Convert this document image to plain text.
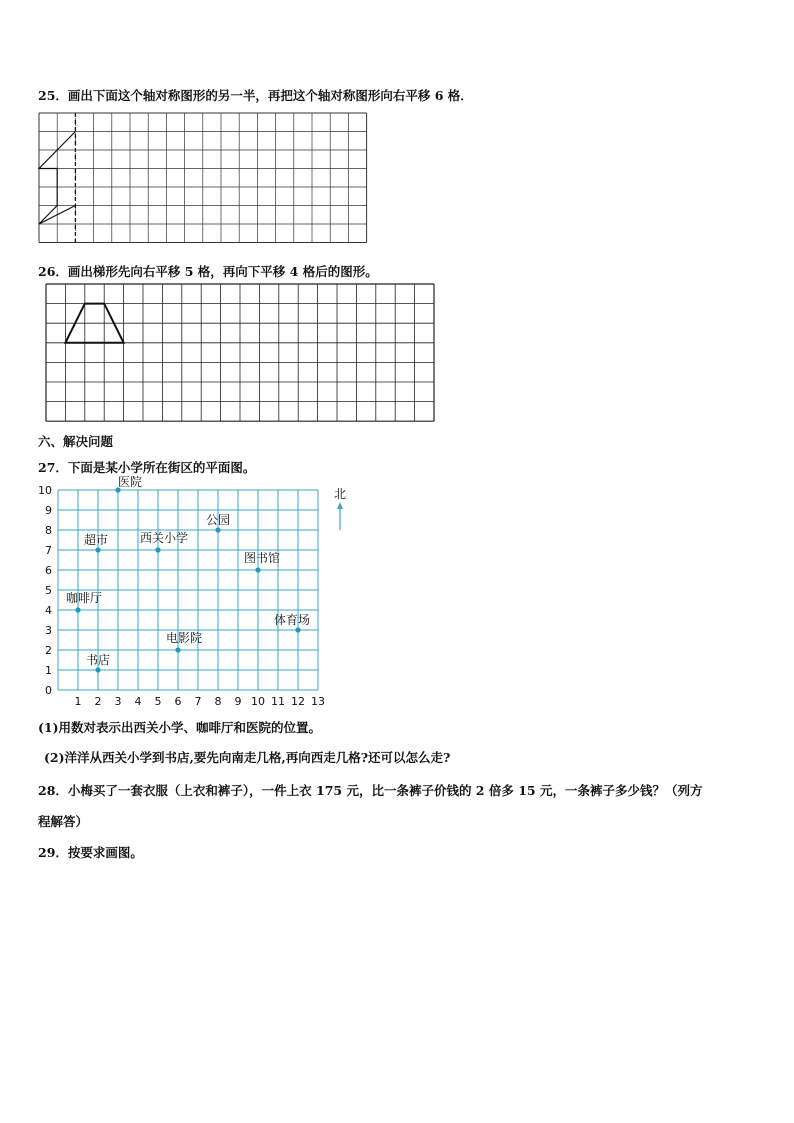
25．画出下面这个轴对称图形的另一半，再把这个轴对称图形向右平移 6 格．
26．画出梯形先向右平移 5 格，再向下平移 4 格后的图形。
六、解决问题
27．下面是某小学所在街区的平面图。
1 2 3 4 5 6 7 8 9 10 11 12 13
0
1
2
3
4
5
6
7
8
9
10
医院
公园
超市	西关小学
图书馆
咖啡厅
体育场
电影院
书店
北
(1)用数对表示出西关小学、咖啡厅和医院的位置。
(2)洋洋从西关小学到书店,要先向南走几格,再向西走几格?还可以怎么走?
28．小梅买了一套衣服（上衣和裤子），一件上衣 175 元，比一条裤子价钱的 2 倍多 15 元，一条裤子多少钱？（列方
程解答）
29．按要求画图。
